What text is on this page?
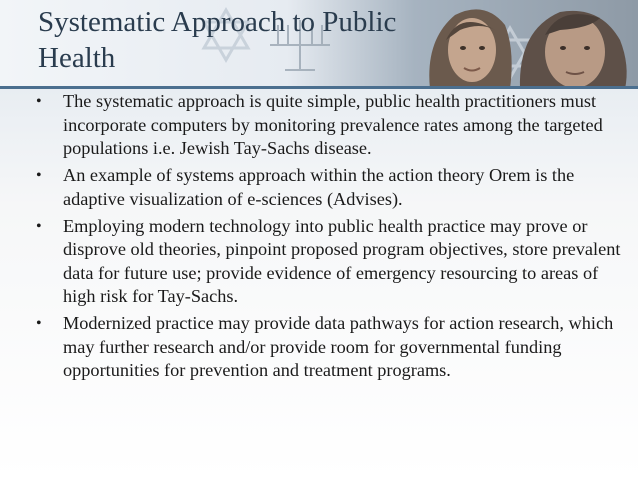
Systematic Approach to Public Health
•	The systematic approach is quite simple, public health practitioners must incorporate computers by monitoring prevalence rates among the targeted populations i.e. Jewish Tay-Sachs disease.
•	An example of systems approach within the action theory Orem is the adaptive visualization of e-sciences (Advises).
•	Employing modern technology into public health practice may prove or disprove old theories, pinpoint proposed program objectives, store prevalent data for future use; provide evidence of emergency resourcing to areas of high risk for Tay-Sachs.
•	Modernized practice may provide data pathways for action research, which may further research and/or provide room for governmental funding opportunities for prevention and treatment programs.
